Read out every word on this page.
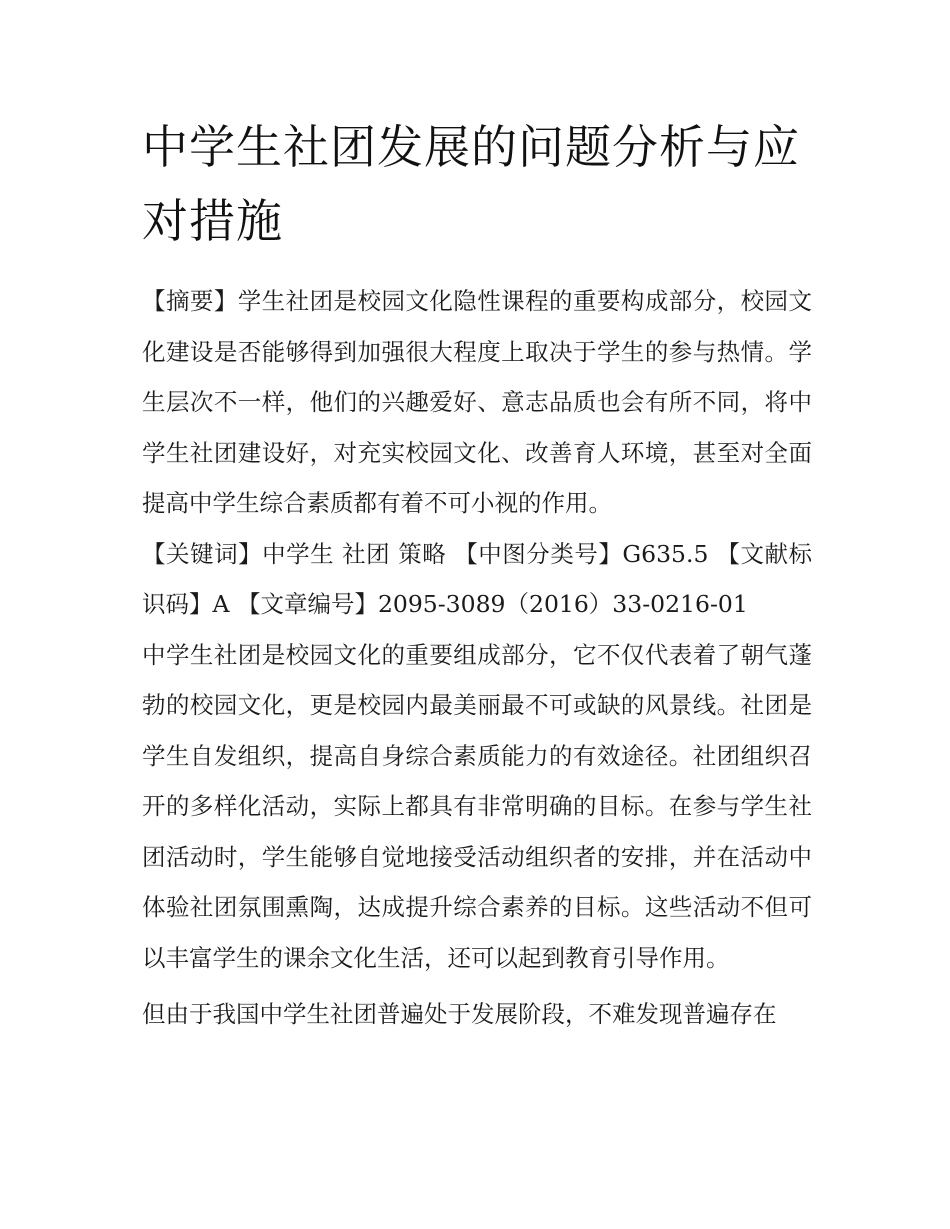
中学生社团发展的问题分析与应对措施

【摘要】学生社团是校园文化隐性课程的重要构成部分，校园文化建设是否能够得到加强很大程度上取决于学生的参与热情。学生层次不一样，他们的兴趣爱好、意志品质也会有所不同，将中学生社团建设好，对充实校园文化、改善育人环境，甚至对全面提高中学生综合素质都有着不可小视的作用。

【关键词】中学生 社团 策略 【中图分类号】G635.5 【文献标识码】A 【文章编号】2095-3089（2016）33-0216-01

中学生社团是校园文化的重要组成部分，它不仅代表着了朝气蓬勃的校园文化，更是校园内最美丽最不可或缺的风景线。社团是学生自发组织，提高自身综合素质能力的有效途径。社团组织召开的多样化活动，实际上都具有非常明确的目标。在参与学生社团活动时，学生能够自觉地接受活动组织者的安排，并在活动中体验社团氛围熏陶，达成提升综合素养的目标。这些活动不但可以丰富学生的课余文化生活，还可以起到教育引导作用。

但由于我国中学生社团普遍处于发展阶段，不难发现普遍存在
